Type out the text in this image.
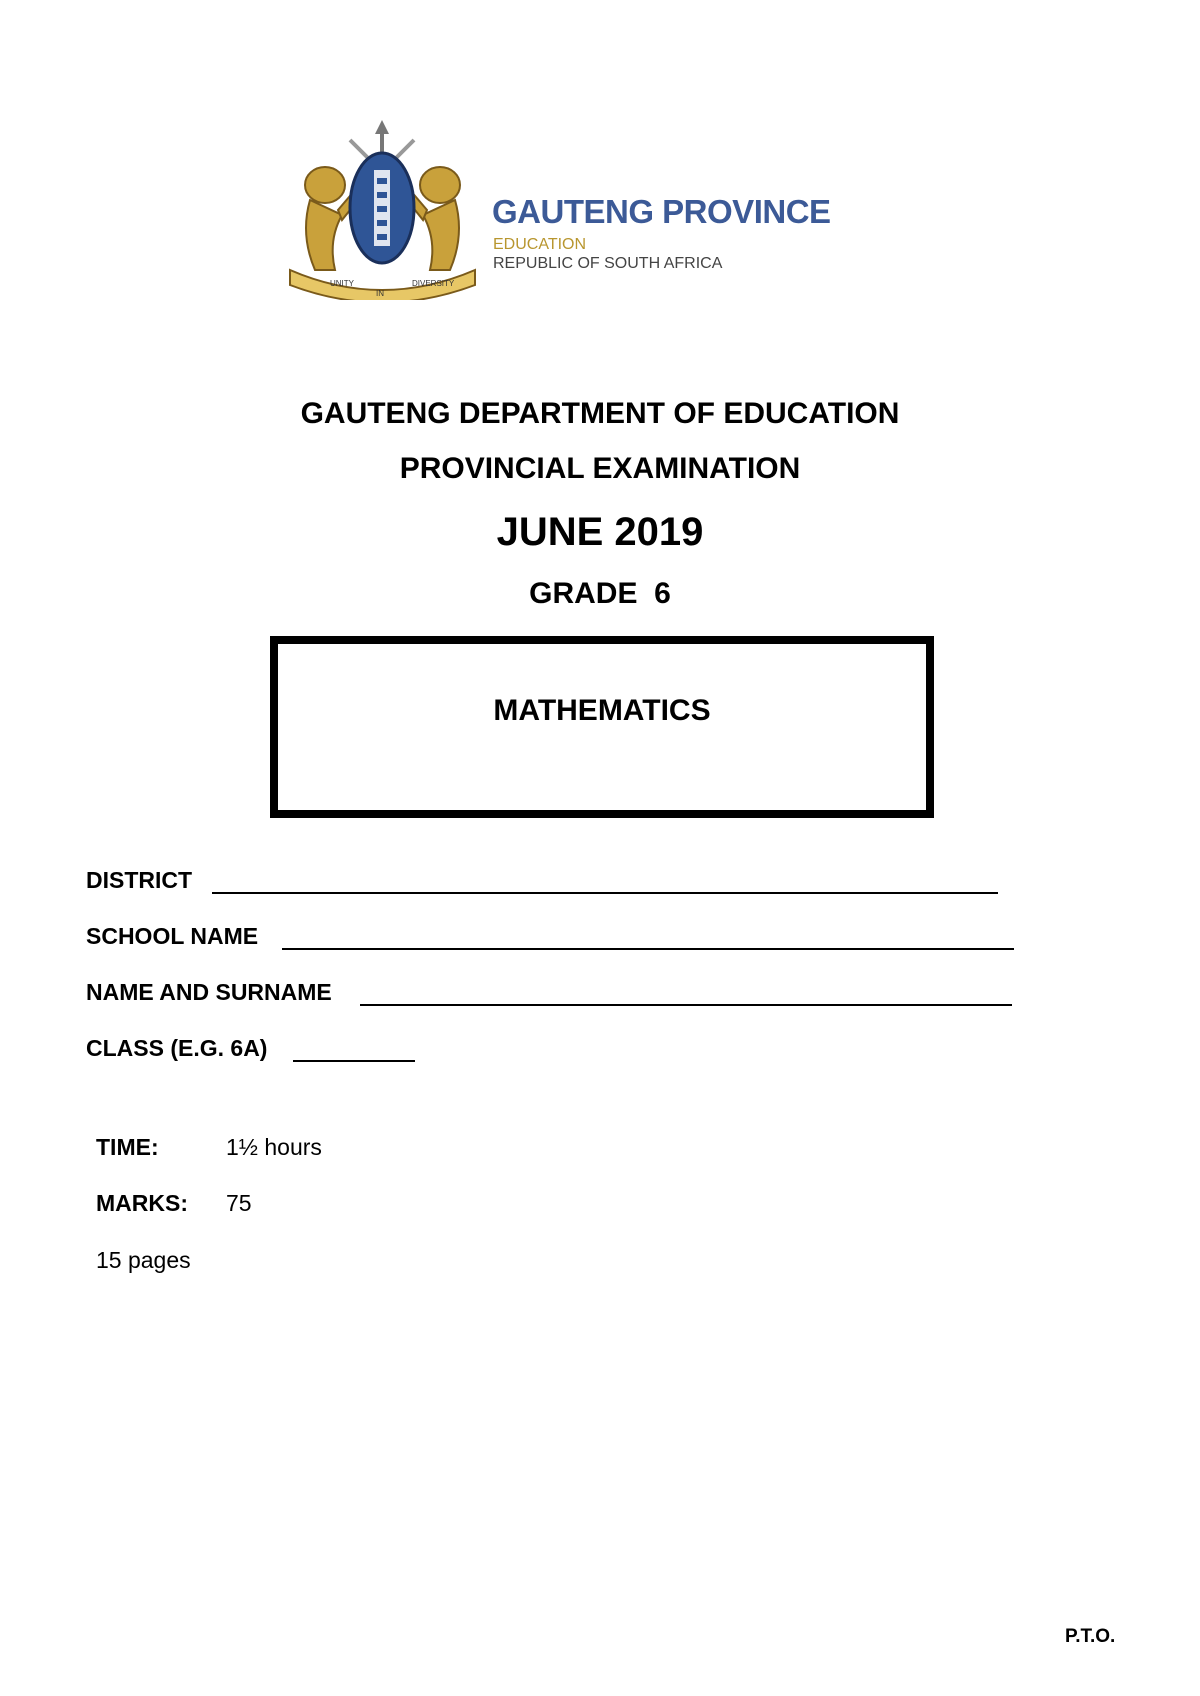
UNITY
IN
DIVERSITY
GAUTENG PROVINCE
EDUCATION
REPUBLIC OF SOUTH AFRICA
GAUTENG DEPARTMENT OF EDUCATION
PROVINCIAL EXAMINATION
JUNE 2019
GRADE  6
MATHEMATICS
DISTRICT
SCHOOL NAME
NAME AND SURNAME
CLASS (E.G. 6A)
TIME:	1½ hours
MARKS: 75
15 pages
P.T.O.
